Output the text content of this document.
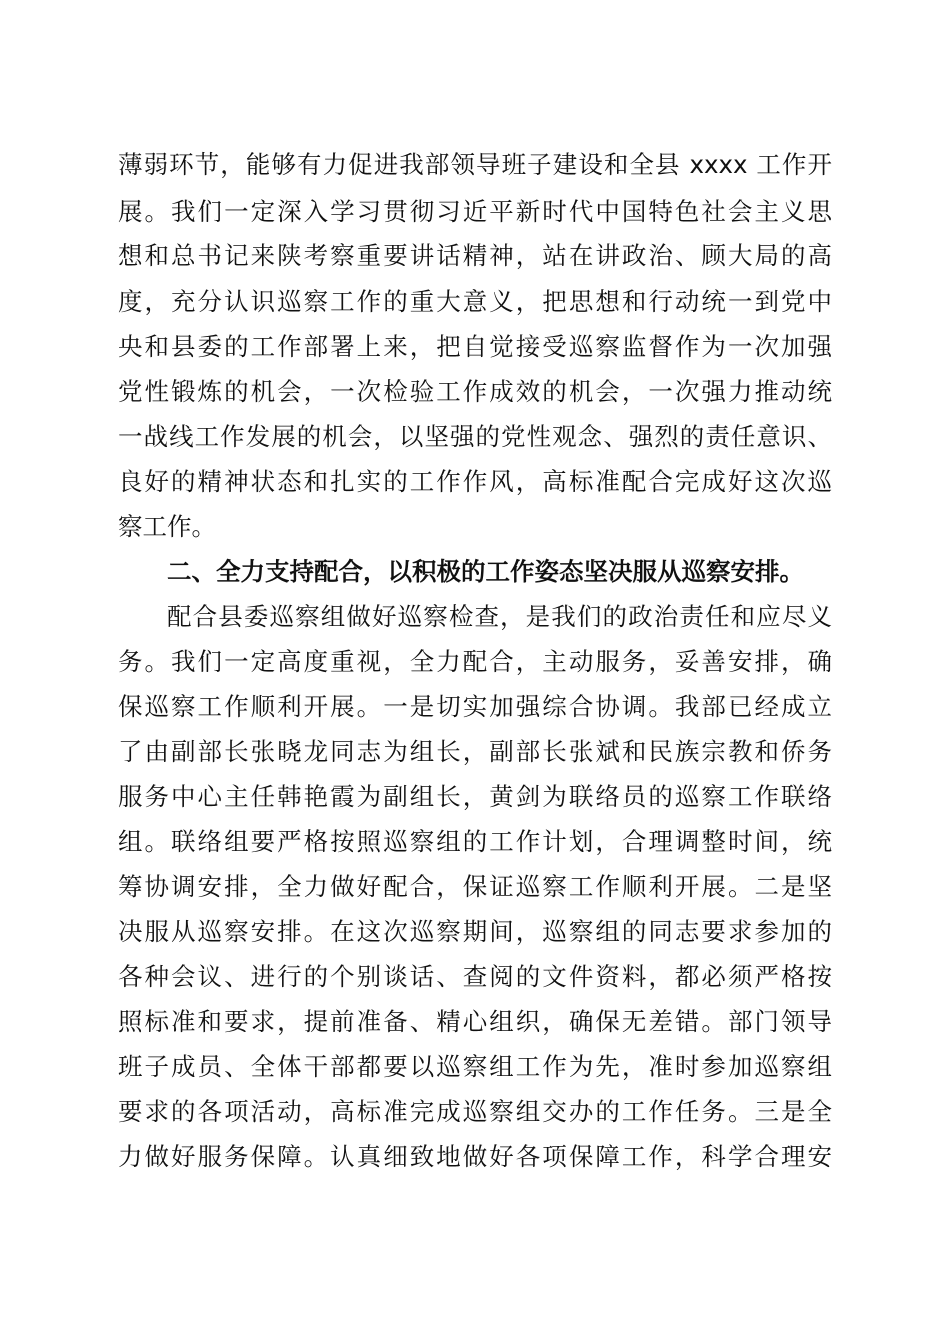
薄弱环节，能够有力促进我部领导班子建设和全县 xxxx 工作开
展。我们一定深入学习贯彻习近平新时代中国特色社会主义思
想和总书记来陕考察重要讲话精神，站在讲政治、顾大局的高
度，充分认识巡察工作的重大意义，把思想和行动统一到党中
央和县委的工作部署上来，把自觉接受巡察监督作为一次加强
党性锻炼的机会，一次检验工作成效的机会，一次强力推动统
一战线工作发展的机会，以坚强的党性观念、强烈的责任意识、
良好的精神状态和扎实的工作作风，高标准配合完成好这次巡
察工作。
二、全力支持配合，以积极的工作姿态坚决服从巡察安排。
配合县委巡察组做好巡察检查，是我们的政治责任和应尽义
务。我们一定高度重视，全力配合，主动服务，妥善安排，确
保巡察工作顺利开展。一是切实加强综合协调。我部已经成立
了由副部长张晓龙同志为组长，副部长张斌和民族宗教和侨务
服务中心主任韩艳霞为副组长，黄剑为联络员的巡察工作联络
组。联络组要严格按照巡察组的工作计划，合理调整时间，统
筹协调安排，全力做好配合，保证巡察工作顺利开展。二是坚
决服从巡察安排。在这次巡察期间，巡察组的同志要求参加的
各种会议、进行的个别谈话、查阅的文件资料，都必须严格按
照标准和要求，提前准备、精心组织，确保无差错。部门领导
班子成员、全体干部都要以巡察组工作为先，准时参加巡察组
要求的各项活动，高标准完成巡察组交办的工作任务。三是全
力做好服务保障。认真细致地做好各项保障工作，科学合理安
